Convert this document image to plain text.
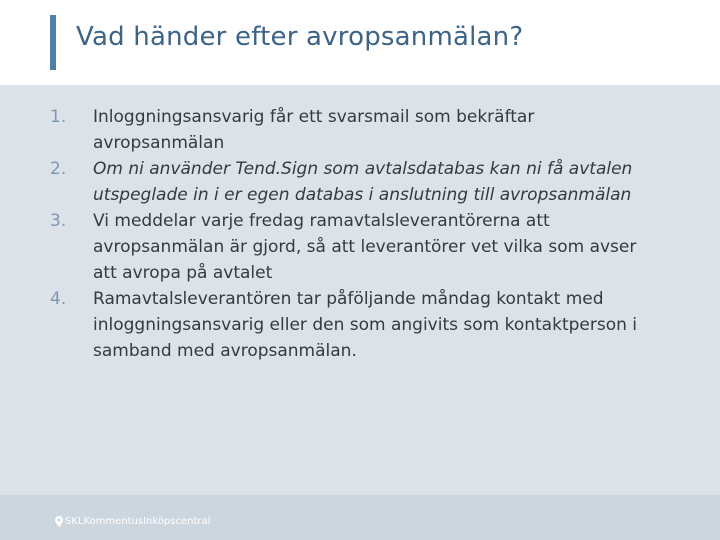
Vad händer efter avropsanmälan?
1. Inloggningsansvarig får ett svarsmail som bekräftar avropsanmälan
2. Om ni använder Tend.Sign som avtalsdatabas kan ni få avtalen utspeglade in i er egen databas i anslutning till avropsanmälan
3. Vi meddelar varje fredag ramavtalsleverantörerna att avropsanmälan är gjord, så att leverantörer vet vilka som avser att avropa på avtalet
4. Ramavtalsleverantören tar påföljande måndag kontakt med inloggningsansvarig eller den som angivits som kontaktperson i samband med avropsanmälan.
SKLKommentusInköpscentral
